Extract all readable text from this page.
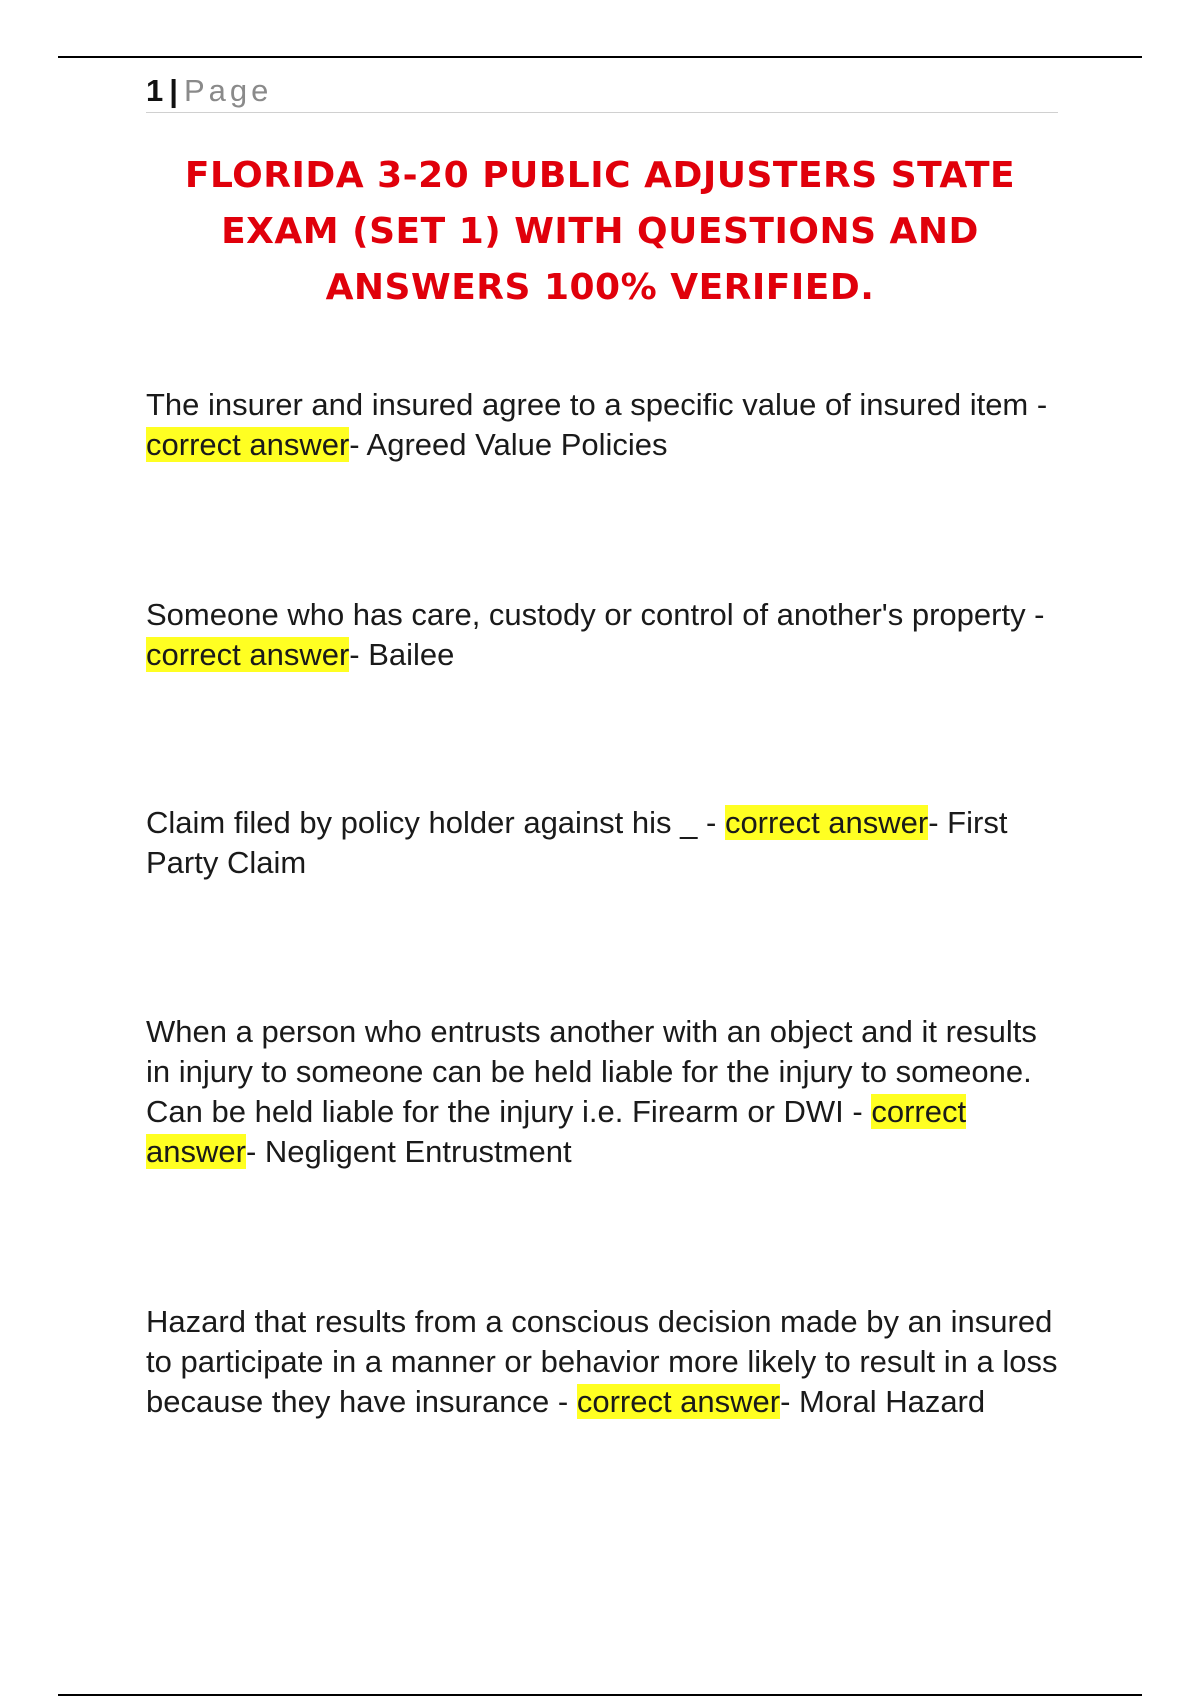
1 | Page
FLORIDA 3-20 PUBLIC ADJUSTERS STATE EXAM (SET 1) WITH QUESTIONS AND ANSWERS 100% VERIFIED.

The insurer and insured agree to a specific value of insured item - correct answer- Agreed Value Policies

Someone who has care, custody or control of another's property - correct answer- Bailee

Claim filed by policy holder against his _ - correct answer- First Party Claim

When a person who entrusts another with an object and it results in injury to someone can be held liable for the injury to someone. Can be held liable for the injury i.e. Firearm or DWI - correct answer- Negligent Entrustment

Hazard that results from a conscious decision made by an insured to participate in a manner or behavior more likely to result in a loss because they have insurance - correct answer- Moral Hazard
